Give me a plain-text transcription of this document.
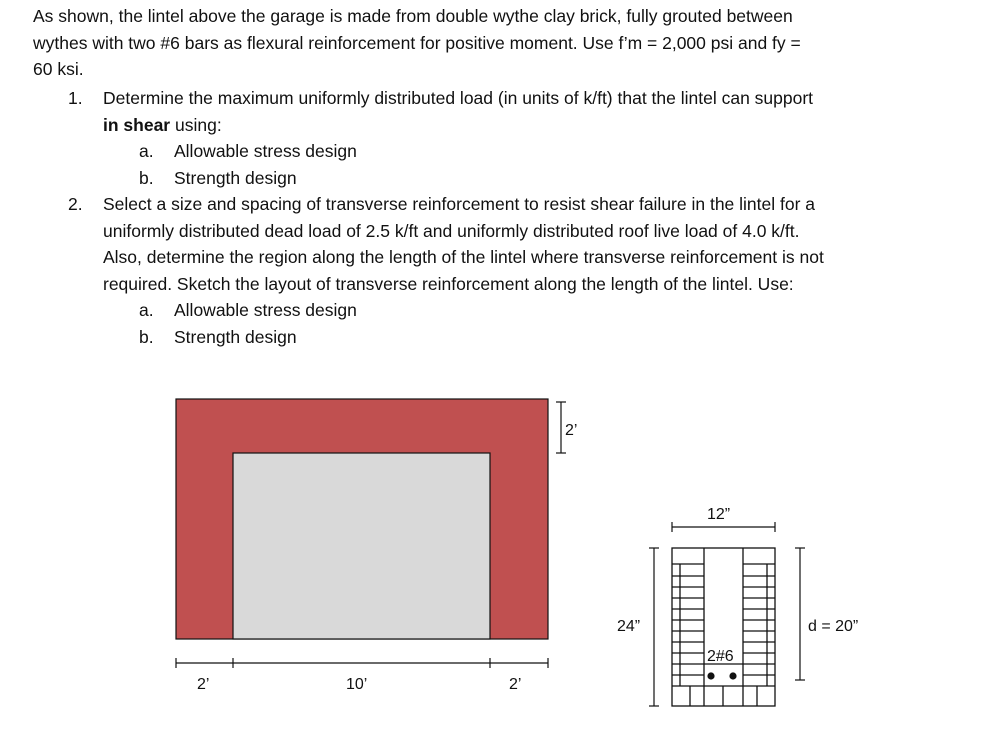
As shown, the lintel above the garage is made from double wythe clay brick, fully grouted between
wythes with two #6 bars as flexural reinforcement for positive moment. Use f’m = 2,000 psi and fy =
60 ksi.
1. Determine the maximum uniformly distributed load (in units of k/ft) that the lintel can support
in shear using:
a. Allowable stress design
b. Strength design
2. Select a size and spacing of transverse reinforcement to resist shear failure in the lintel for a
uniformly distributed dead load of 2.5 k/ft and uniformly distributed roof live load of 4.0 k/ft.
Also, determine the region along the length of the lintel where transverse reinforcement is not
required. Sketch the layout of transverse reinforcement along the length of the lintel. Use:
a. Allowable stress design
b. Strength design
2’
2’	10’	2’
2#6
12”
24”	d = 20”
